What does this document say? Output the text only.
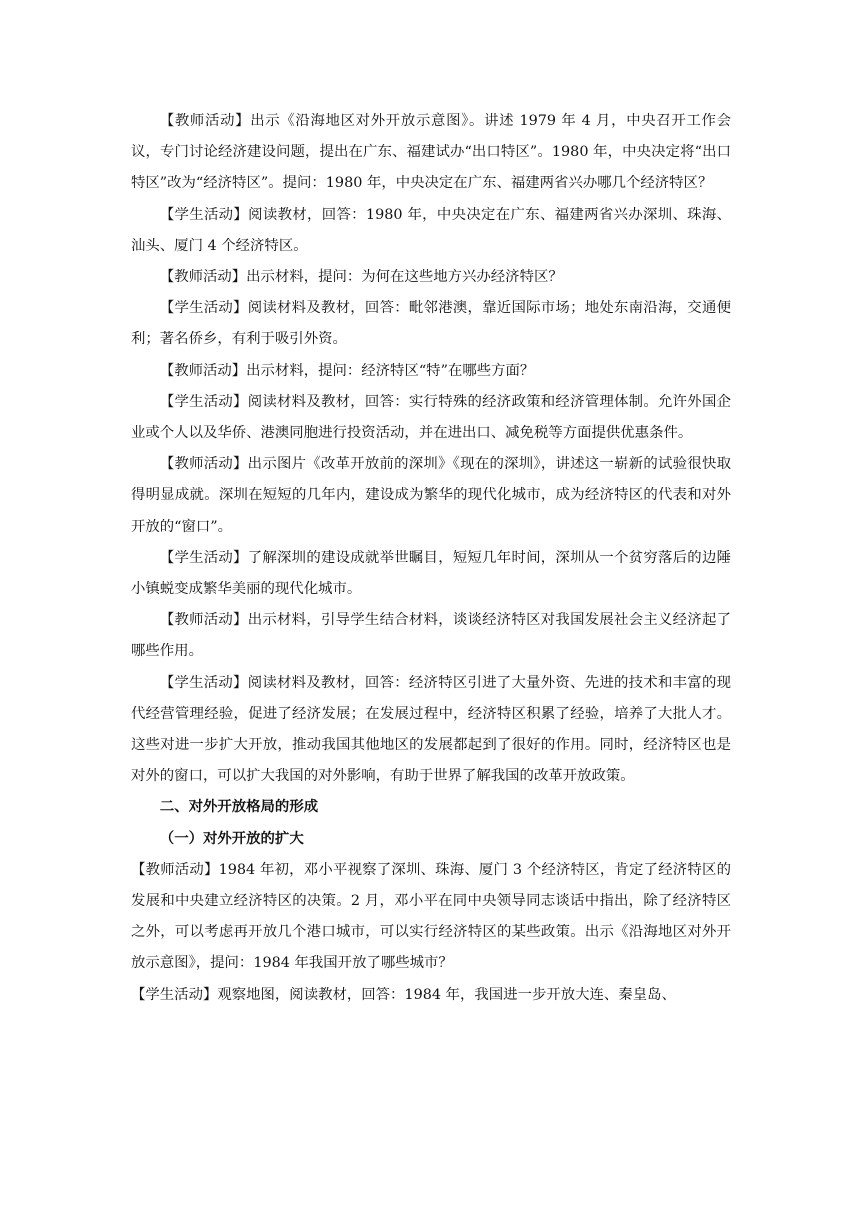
【教师活动】出示《沿海地区对外开放示意图》。讲述 1979 年 4 月，中央召开工作会议，专门讨论经济建设问题，提出在广东、福建试办“出口特区”。1980 年，中央决定将“出口特区”改为“经济特区”。提问：1980 年，中央决定在广东、福建两省兴办哪几个经济特区？

【学生活动】阅读教材，回答：1980 年，中央决定在广东、福建两省兴办深圳、珠海、汕头、厦门 4 个经济特区。

【教师活动】出示材料，提问：为何在这些地方兴办经济特区？

【学生活动】阅读材料及教材，回答：毗邻港澳，靠近国际市场；地处东南沿海，交通便利；著名侨乡，有利于吸引外资。

【教师活动】出示材料，提问：经济特区“特”在哪些方面？

【学生活动】阅读材料及教材，回答：实行特殊的经济政策和经济管理体制。允许外国企业或个人以及华侨、港澳同胞进行投资活动，并在进出口、减免税等方面提供优惠条件。

【教师活动】出示图片《改革开放前的深圳》《现在的深圳》，讲述这一崭新的试验很快取得明显成就。深圳在短短的几年内，建设成为繁华的现代化城市，成为经济特区的代表和对外开放的“窗口”。

【学生活动】了解深圳的建设成就举世瞩目，短短几年时间，深圳从一个贫穷落后的边陲小镇蜕变成繁华美丽的现代化城市。

【教师活动】出示材料，引导学生结合材料，谈谈经济特区对我国发展社会主义经济起了哪些作用。

【学生活动】阅读材料及教材，回答：经济特区引进了大量外资、先进的技术和丰富的现代经营管理经验，促进了经济发展；在发展过程中，经济特区积累了经验，培养了大批人才。这些对进一步扩大开放，推动我国其他地区的发展都起到了很好的作用。同时，经济特区也是对外的窗口，可以扩大我国的对外影响，有助于世界了解我国的改革开放政策。

二、对外开放格局的形成

（一）对外开放的扩大

【教师活动】1984 年初，邓小平视察了深圳、珠海、厦门 3 个经济特区，肯定了经济特区的发展和中央建立经济特区的决策。2 月，邓小平在同中央领导同志谈话中指出，除了经济特区之外，可以考虑再开放几个港口城市，可以实行经济特区的某些政策。出示《沿海地区对外开放示意图》，提问：1984 年我国开放了哪些城市？

【学生活动】观察地图，阅读教材，回答：1984 年，我国进一步开放大连、秦皇岛、
